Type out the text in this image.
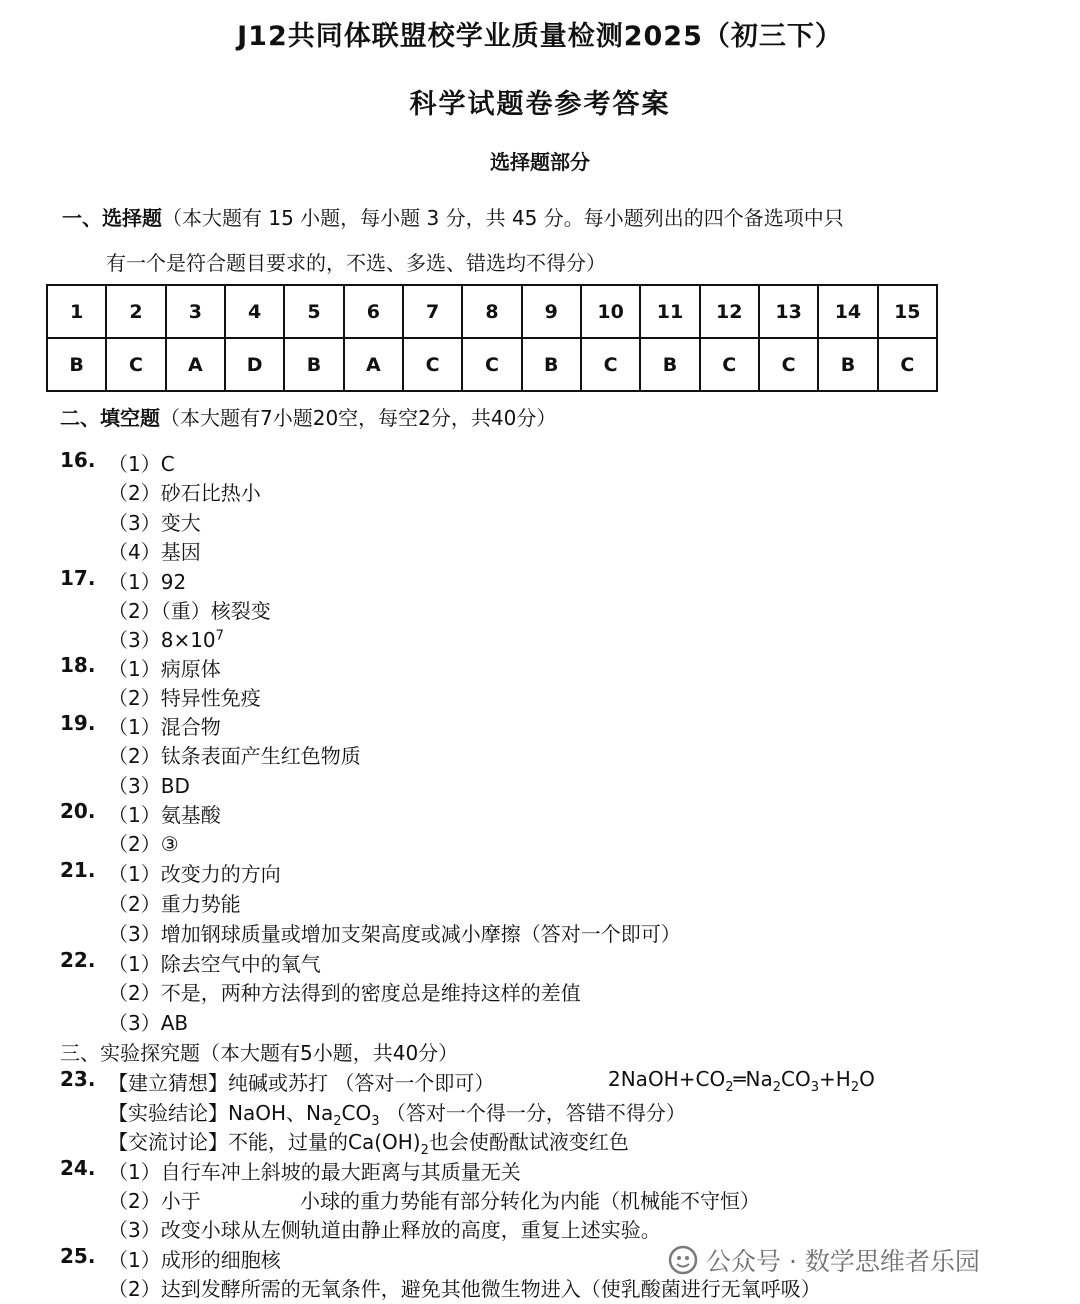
J12共同体联盟校学业质量检测2025（初三下）
科学试题卷参考答案
选择题部分
一、选择题（本大题有 15 小题，每小题 3 分，共 45 分。每小题列出的四个备选项中只
有一个是符合题目要求的，不选、多选、错选均不得分）
1	2	3	4	5	6	7	8	9	10	11	12	13	14	15
B	C	A	D	B	A	C	C	B	C	B	C	C	B	C
二、填空题（本大题有7小题20空，每空2分，共40分）
16. （1）C
（2）砂石比热小
（3）变大
（4）基因
17. （1）92
（2）（重）核裂变
$(3)8\times 10^7$
18. （1）病原体
（2）特异性免疫
19. （1）混合物
（2）钛条表面产生红色物质
（3）BD
20. （1）氨基酸
（2）③
21. （1）改变力的方向
（2）重力势能
（3）增加钢球质量或增加支架高度或减小摩擦（答对一个即可）
22. （1）除去空气中的氧气
（2）不是，两种方法得到的密度总是维持这样的差值
（3）AB
三、实验探究题（本大题有5小题，共40分）
23. 【建立猜想】纯碱或苏打 （答对一个即可）	$2NaOH+CO_2═Na_2CO_3+H_2O$
【实验结论】NaOH、$Na_2CO_3$ （答对一个得一分，答错不得分）
【交流讨论】不能，过量的$Ca(OH)_2$也会使酚酞试液变红色
24. （1）自行车冲上斜坡的最大距离与其质量无关
（2）小于	小球的重力势能有部分转化为内能（机械能不守恒）
（3）改变小球从左侧轨道由静止释放的高度，重复上述实验。
25. （1）成形的细胞核
（2）达到发酵所需的无氧条件，避免其他微生物进入（使乳酸菌进行无氧呼吸）
公众号 · 数学思维者乐园
